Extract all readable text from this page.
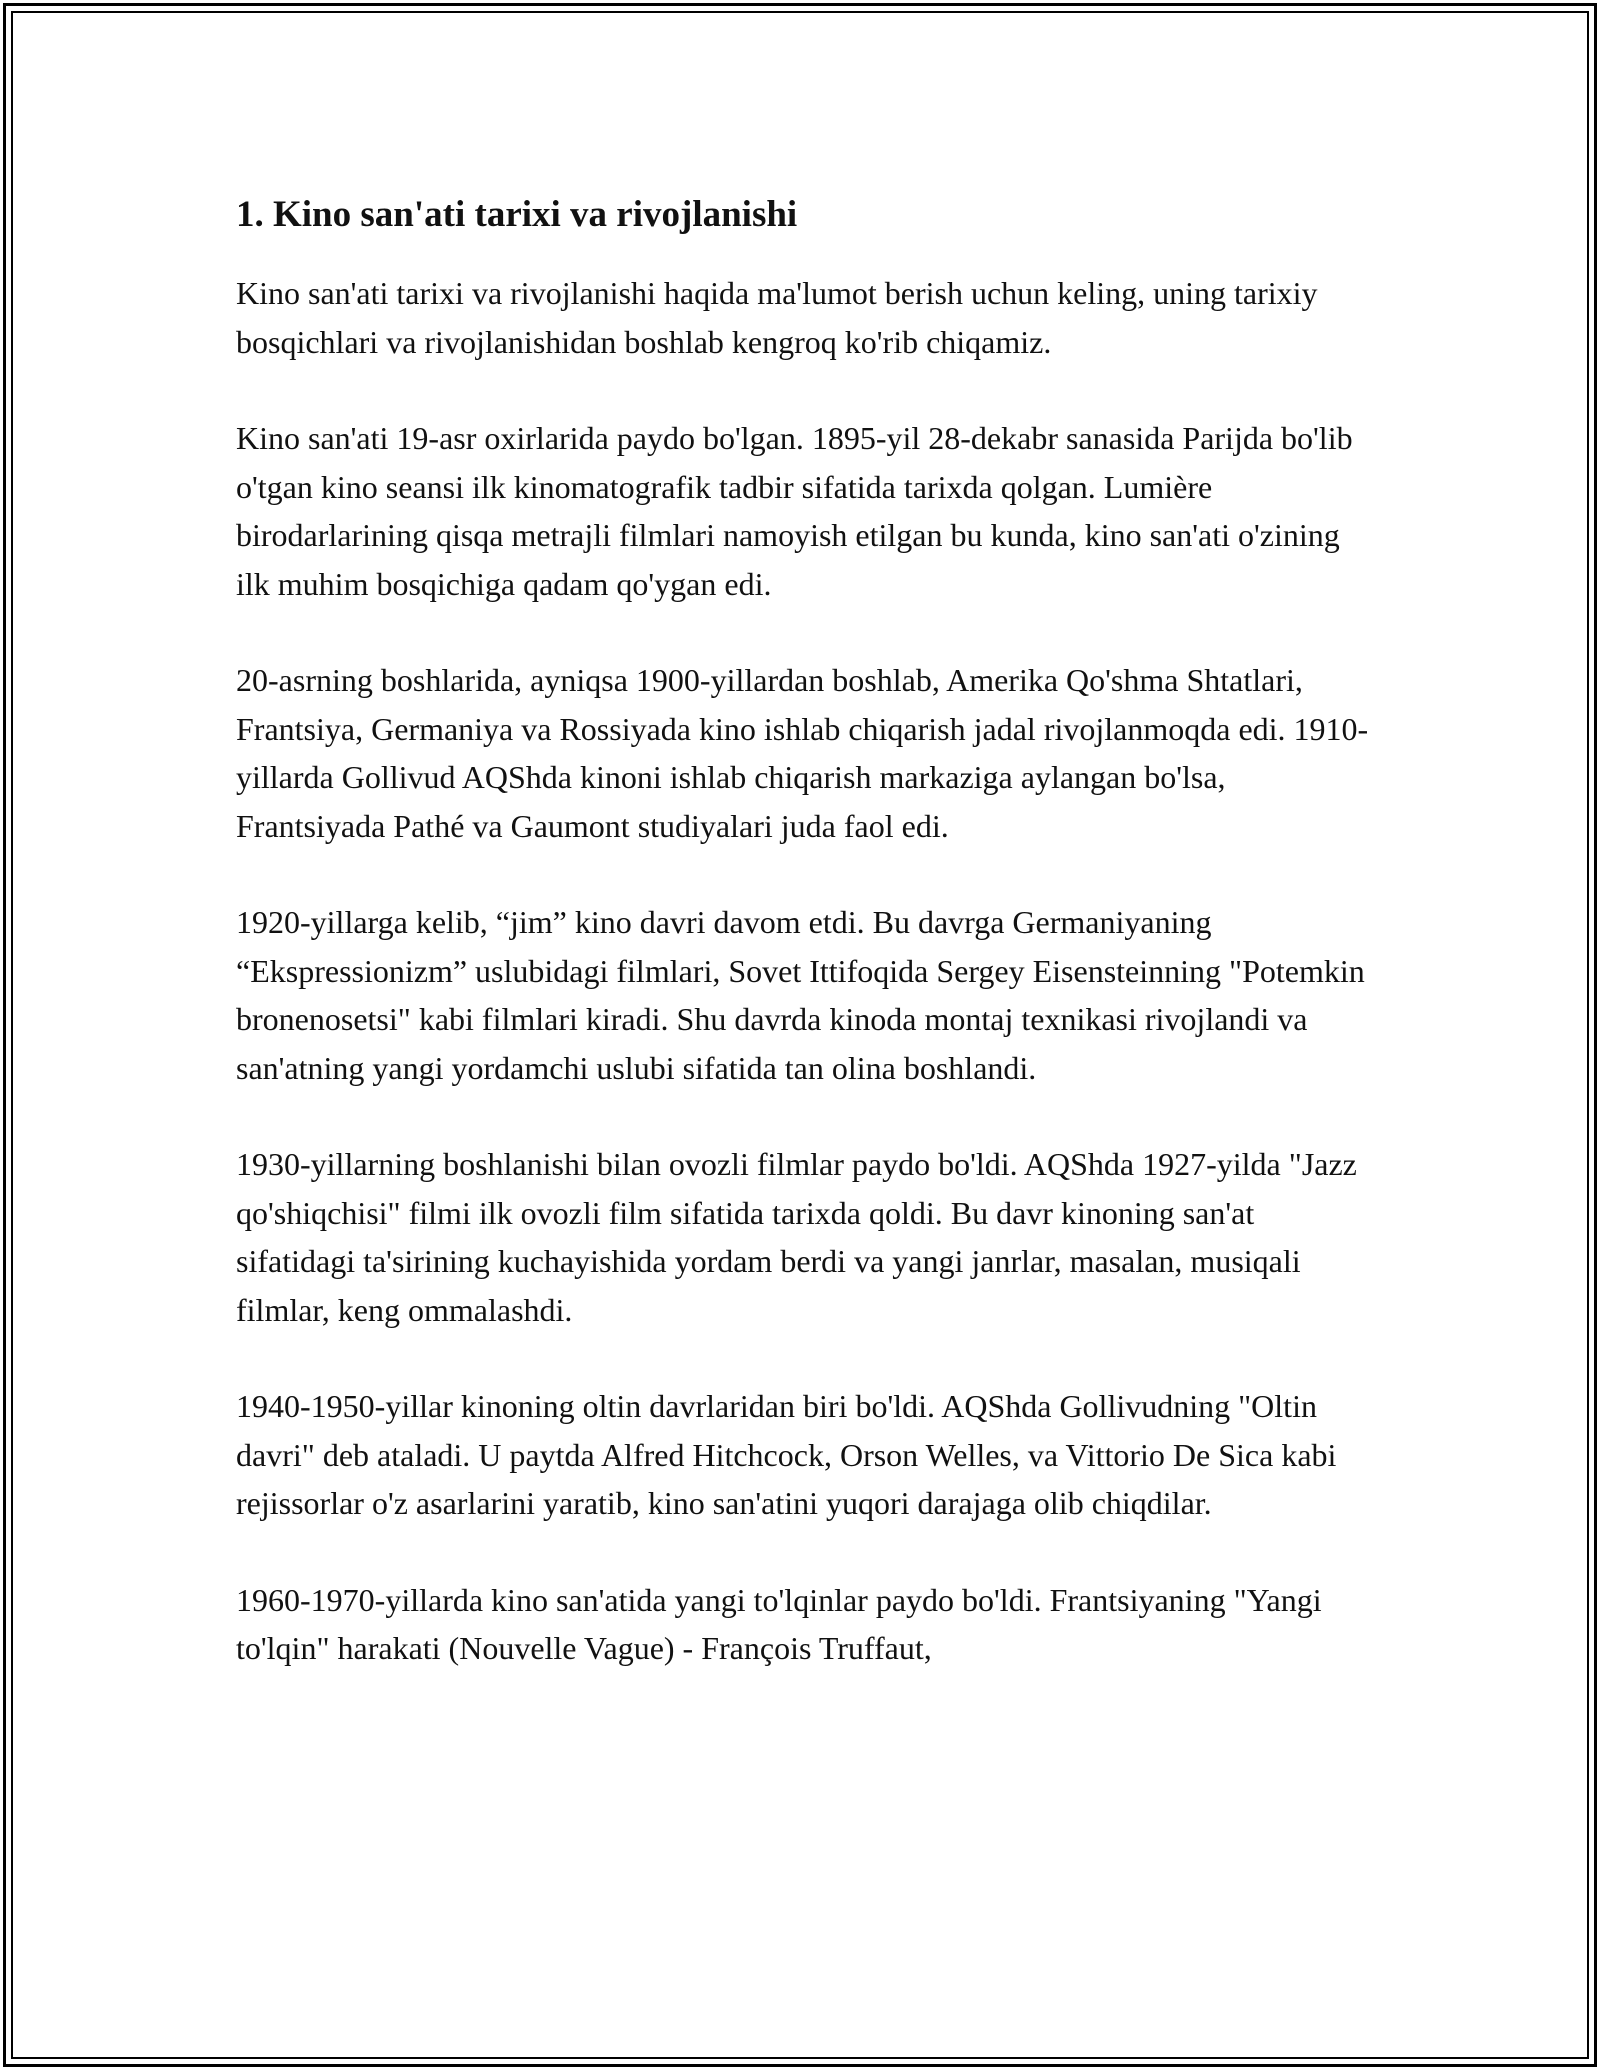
1. Kino san'ati tarixi va rivojlanishi

Kino san'ati tarixi va rivojlanishi haqida ma'lumot berish uchun keling, uning tarixiy bosqichlari va rivojlanishidan boshlab kengroq ko'rib chiqamiz.

Kino san'ati 19-asr oxirlarida paydo bo'lgan. 1895-yil 28-dekabr sanasida Parijda bo'lib o'tgan kino seansi ilk kinomatografik tadbir sifatida tarixda qolgan. Lumière birodarlarining qisqa metrajli filmlari namoyish etilgan bu kunda, kino san'ati o'zining ilk muhim bosqichiga qadam qo'ygan edi.

20-asrning boshlarida, ayniqsa 1900-yillardan boshlab, Amerika Qo'shma Shtatlari, Frantsiya, Germaniya va Rossiyada kino ishlab chiqarish jadal rivojlanmoqda edi. 1910-yillarda Gollivud AQShda kinoni ishlab chiqarish markaziga aylangan bo'lsa, Frantsiyada Pathé va Gaumont studiyalari juda faol edi.

1920-yillarga kelib, “jim” kino davri davom etdi. Bu davrga Germaniyaning “Ekspressionizm” uslubidagi filmlari, Sovet Ittifoqida Sergey Eisensteinning "Potemkin bronenosetsi" kabi filmlari kiradi. Shu davrda kinoda montaj texnikasi rivojlandi va san'atning yangi yordamchi uslubi sifatida tan olina boshlandi.

1930-yillarning boshlanishi bilan ovozli filmlar paydo bo'ldi. AQShda 1927-yilda "Jazz qo'shiqchisi" filmi ilk ovozli film sifatida tarixda qoldi. Bu davr kinoning san'at sifatidagi ta'sirining kuchayishida yordam berdi va yangi janrlar, masalan, musiqali filmlar, keng ommalashdi.

1940-1950-yillar kinoning oltin davrlaridan biri bo'ldi. AQShda Gollivudning "Oltin davri" deb ataladi. U paytda Alfred Hitchcock, Orson Welles, va Vittorio De Sica kabi rejissorlar o'z asarlarini yaratib, kino san'atini yuqori darajaga olib chiqdilar.

1960-1970-yillarda kino san'atida yangi to'lqinlar paydo bo'ldi. Frantsiyaning "Yangi to'lqin" harakati (Nouvelle Vague) - François Truffaut,
